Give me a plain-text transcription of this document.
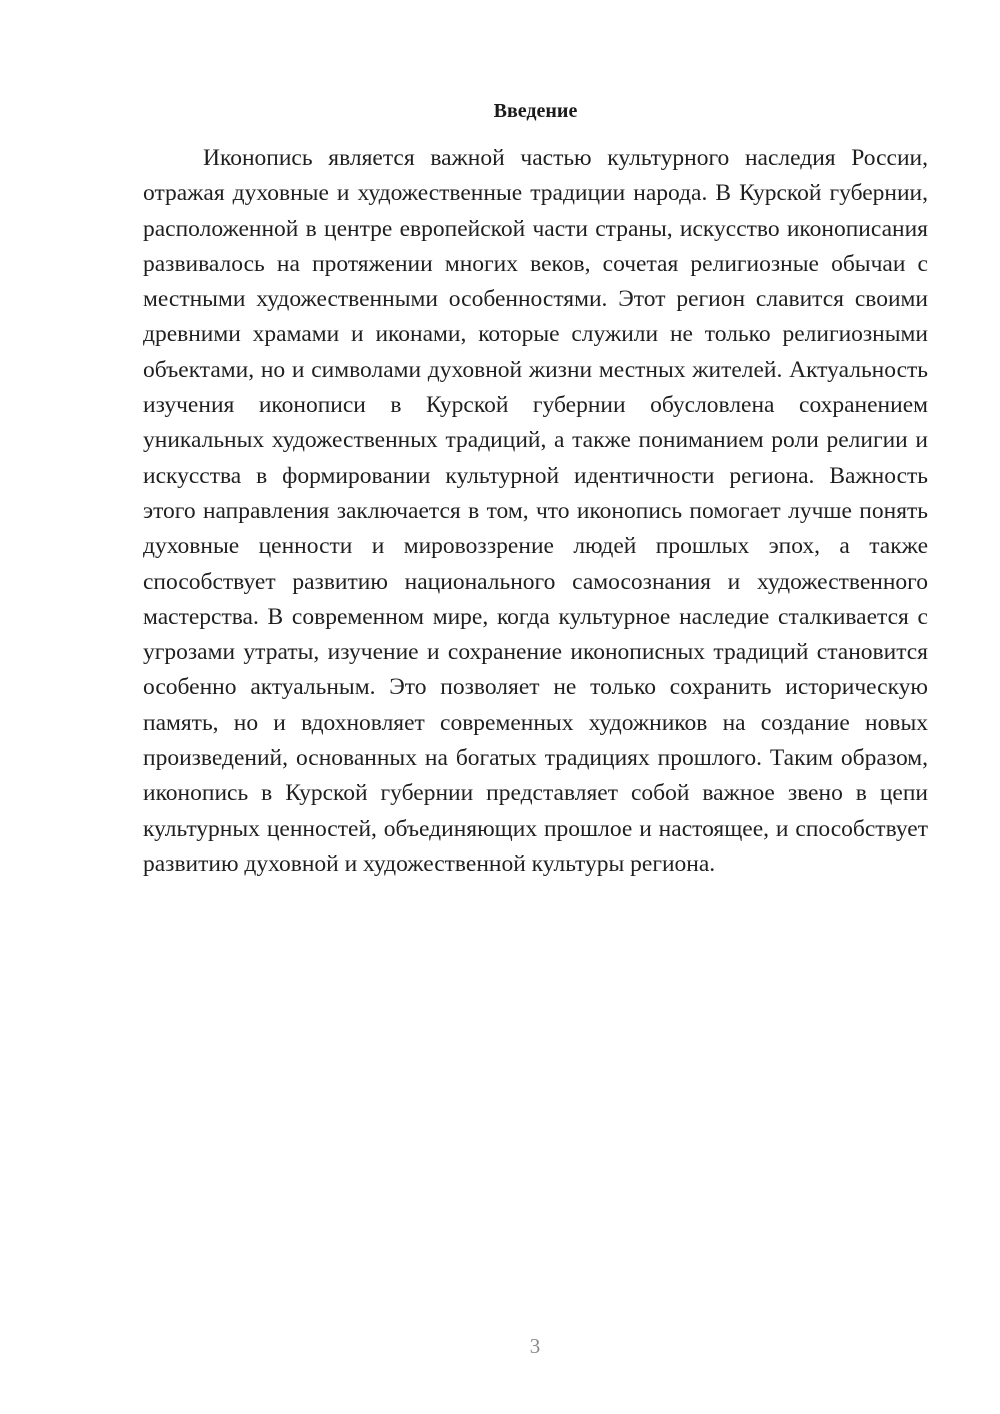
Введение

Иконопись является важной частью культурного наследия России, отражая духовные и художественные традиции народа. В Курской губернии, расположенной в центре европейской части страны, искусство иконописания развивалось на протяжении многих веков, сочетая религиозные обычаи с местными художественными особенностями. Этот регион славится своими древними храмами и иконами, которые служили не только религиозными объектами, но и символами духовной жизни местных жителей. Актуальность изучения иконописи в Курской губернии обусловлена сохранением уникальных художественных традиций, а также пониманием роли религии и искусства в формировании культурной идентичности региона. Важность этого направления заключается в том, что иконопись помогает лучше понять духовные ценности и мировоззрение людей прошлых эпох, а также способствует развитию национального самосознания и художественного мастерства. В современном мире, когда культурное наследие сталкивается с угрозами утраты, изучение и сохранение иконописных традиций становится особенно актуальным. Это позволяет не только сохранить историческую память, но и вдохновляет современных художников на создание новых произведений, основанных на богатых традициях прошлого. Таким образом, иконопись в Курской губернии представляет собой важное звено в цепи культурных ценностей, объединяющих прошлое и настоящее, и способствует развитию духовной и художественной культуры региона.

3
